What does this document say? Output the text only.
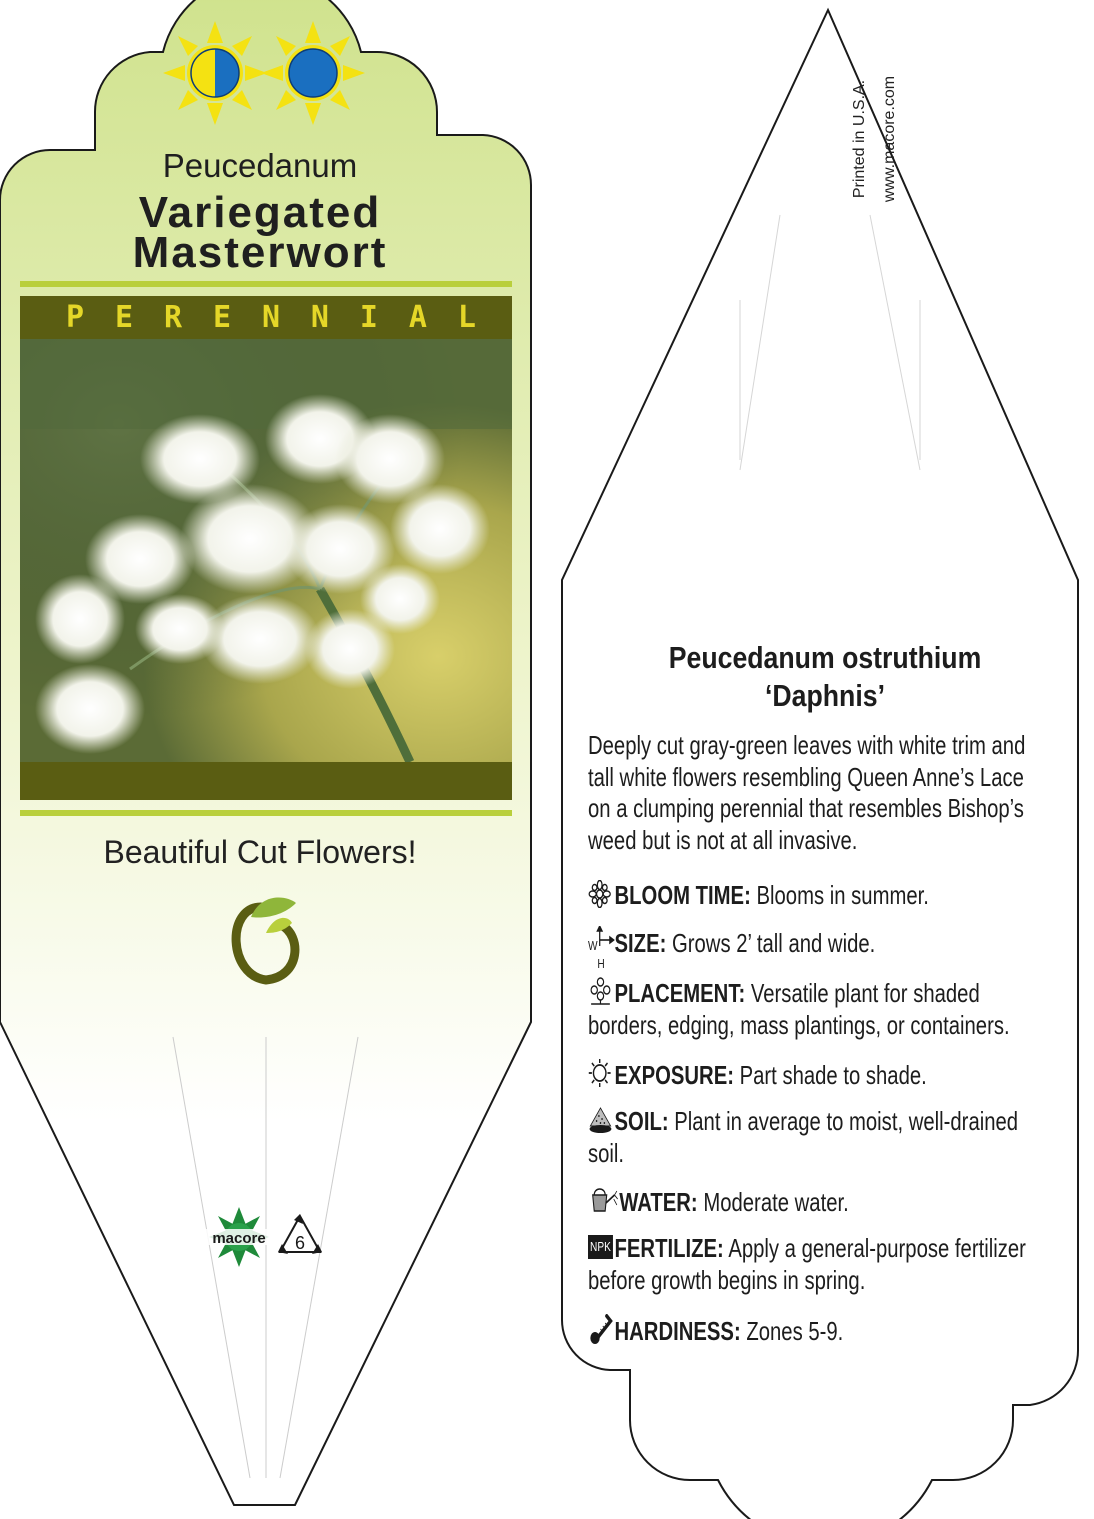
macore 6
Peucedanum
Variegated
Masterwort
P E R E N N I A L
Beautiful Cut Flowers!
Printed in U.S.A. www.macore.com
Peucedanum ostruthium
‘Daphnis’
Deeply cut gray-green leaves with white trim and
tall white flowers resembling Queen Anne’s Lace
on a clumping perennial that resembles Bishop’s
weed but is not at all invasive.
BLOOM TIME: Blooms in summer.
W
H
SIZE: Grows 2’ tall and wide.
PLACEMENT: Versatile plant for shaded
borders, edging, mass plantings, or containers.
EXPOSURE: Part shade to shade.
SOIL: Plant in average to moist, well-drained
soil.
WATER: Moderate water.
NPK FERTILIZE: Apply a general-purpose fertilizer
before growth begins in spring.
HARDINESS: Zones 5-9.
